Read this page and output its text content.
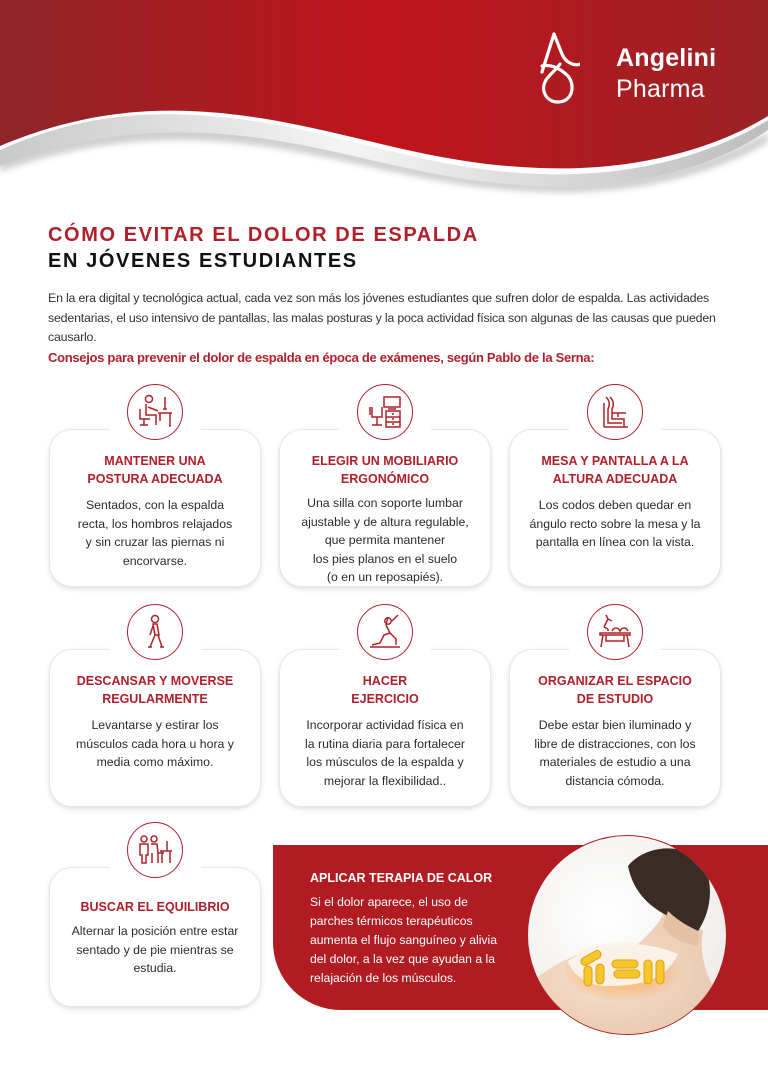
Angelini
Pharma
CÓMO EVITAR EL DOLOR DE ESPALDA
EN JÓVENES ESTUDIANTES

En la era digital y tecnológica actual, cada vez son más los jóvenes estudiantes que sufren dolor de espalda. Las actividades sedentarias, el uso intensivo de pantallas, las malas posturas y la poca actividad física son algunas de las causas que pueden causarlo.

Consejos para prevenir el dolor de espalda en época de exámenes, según Pablo de la Serna:
MANTENER UNA
POSTURA ADECUADA
Sentados, con la espalda
recta, los hombros relajados
y sin cruzar las piernas ni
encorvarse.
ELEGIR UN MOBILIARIO
ERGONÓMICO
Una silla con soporte lumbar
ajustable y de altura regulable,
que permita mantener
los pies planos en el suelo
(o en un reposapiés).
MESA Y PANTALLA A LA
ALTURA ADECUADA
Los codos deben quedar en
ángulo recto sobre la mesa y la
pantalla en línea con la vista.
DESCANSAR Y MOVERSE
REGULARMENTE
Levantarse y estirar los
músculos cada hora u hora y
media como máximo.
HACER
EJERCICIO
Incorporar actividad física en
la rutina diaria para fortalecer
los músculos de la espalda y
mejorar la flexibilidad..
ORGANIZAR EL ESPACIO
DE ESTUDIO
Debe estar bien iluminado y
libre de distracciones, con los
materiales de estudio a una
distancia cómoda.
BUSCAR EL EQUILIBRIO
Alternar la posición entre estar
sentado y de pie mientras se
estudia.
APLICAR TERAPIA DE CALOR
Si el dolor aparece, el uso de
parches térmicos terapéuticos
aumenta el flujo sanguíneo y alivia
del dolor, a la vez que ayudan a la
relajación de los músculos.
